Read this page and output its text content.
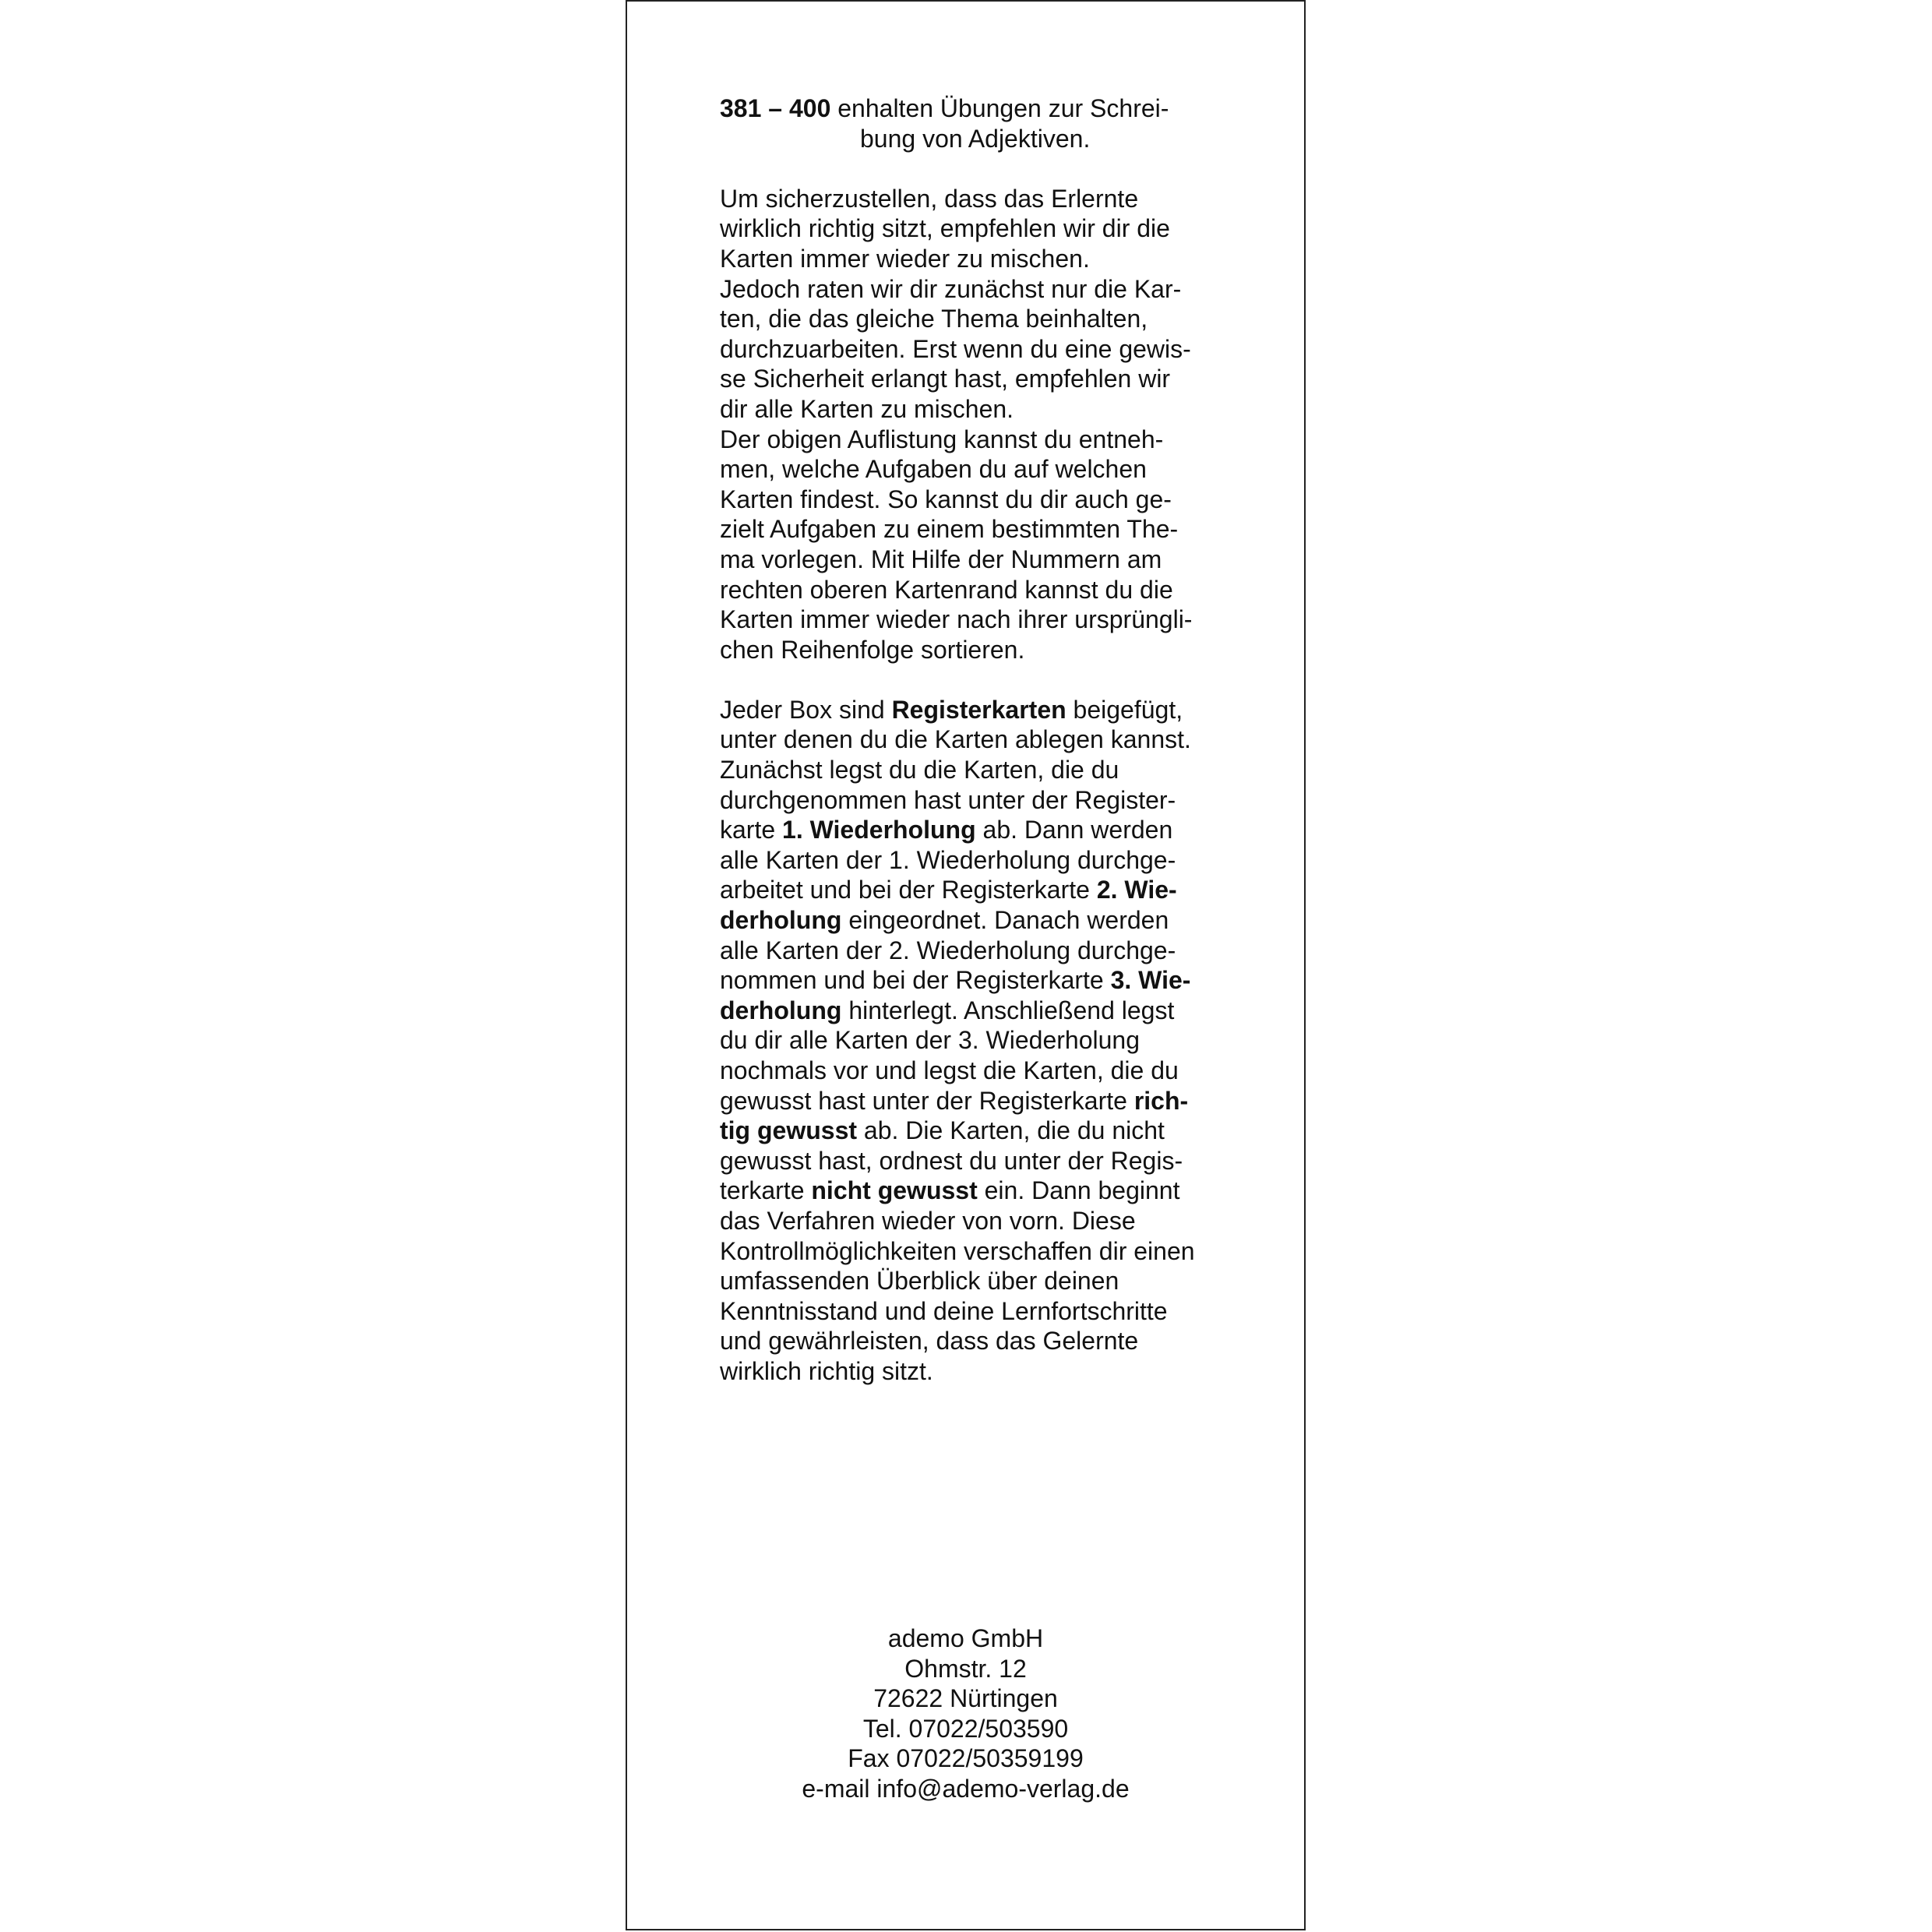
381 – 400 enhalten Übungen zur Schrei-
bung von Adjektiven.
Um sicherzustellen, dass das Erlernte
wirklich richtig sitzt, empfehlen wir dir die
Karten immer wieder zu mischen.
Jedoch raten wir dir zunächst nur die Kar-
ten, die das gleiche Thema beinhalten,
durchzuarbeiten. Erst wenn du eine gewis-
se Sicherheit erlangt hast, empfehlen wir
dir alle Karten zu mischen.
Der obigen Auflistung kannst du entneh-
men, welche Aufgaben du auf welchen
Karten findest. So kannst du dir auch ge-
zielt Aufgaben zu einem bestimmten The-
ma vorlegen. Mit Hilfe der Nummern am
rechten oberen Kartenrand kannst du die
Karten immer wieder nach ihrer ursprüngli-
chen Reihenfolge sortieren.
Jeder Box sind Registerkarten beigefügt,
unter denen du die Karten ablegen kannst.
Zunächst legst du die Karten, die du
durchgenommen hast unter der Register-
karte 1. Wiederholung ab. Dann werden
alle Karten der 1. Wiederholung durchge-
arbeitet und bei der Registerkarte 2. Wie-
derholung eingeordnet. Danach werden
alle Karten der 2. Wiederholung durchge-
nommen und bei der Registerkarte 3. Wie-
derholung hinterlegt. Anschließend legst
du dir alle Karten der 3. Wiederholung
nochmals vor und legst die Karten, die du
gewusst hast unter der Registerkarte rich-
tig gewusst ab. Die Karten, die du nicht
gewusst hast, ordnest du unter der Regis-
terkarte nicht gewusst ein. Dann beginnt
das Verfahren wieder von vorn. Diese
Kontrollmöglichkeiten verschaffen dir einen
umfassenden Überblick über deinen
Kenntnisstand und deine Lernfortschritte
und gewährleisten, dass das Gelernte
wirklich richtig sitzt.
ademo GmbH
Ohmstr. 12
72622 Nürtingen
Tel. 07022/503590
Fax 07022/50359199
e-mail info@ademo-verlag.de
